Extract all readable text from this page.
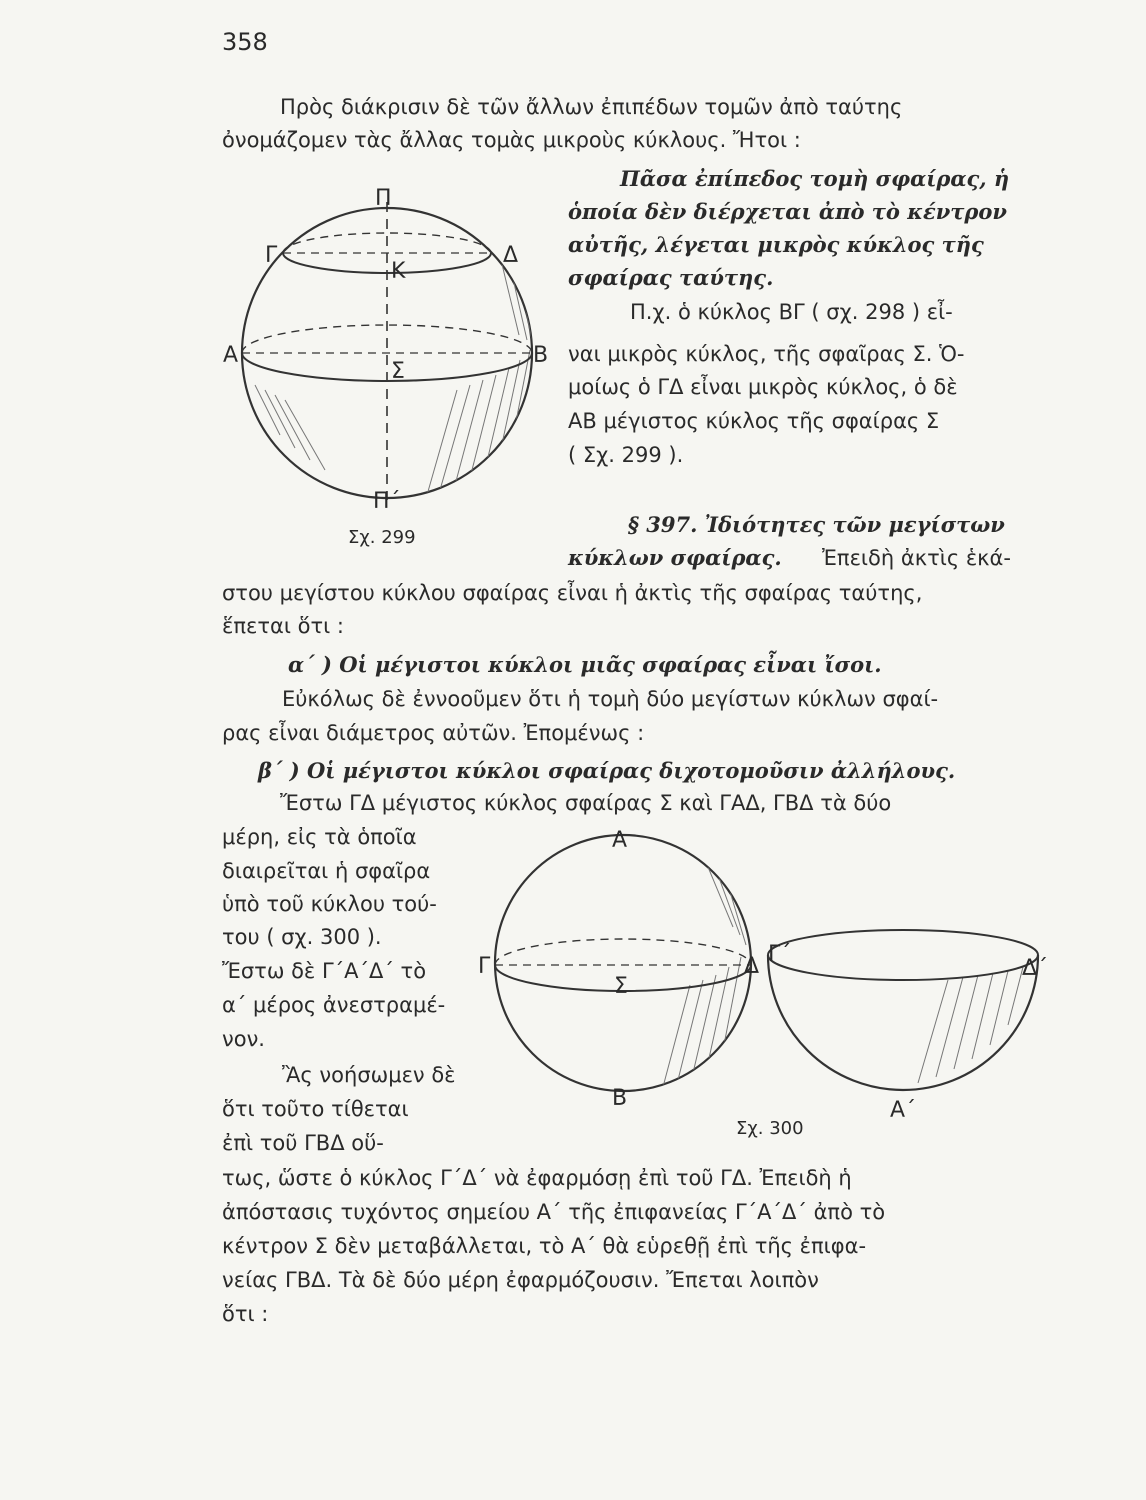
358

Πρὸς διάκρισιν δὲ τῶν ἄλλων ἐπιπέδων τομῶν ἀπὸ ταύτης

ὀνομάζομεν τὰς ἄλλας τομὰς μικροὺς κύκλους. Ἤτοι :

Πᾶσα ἐπίπεδος τομὴ σφαίρας, ἡ

ὁποία δὲν διέρχεται ἀπὸ τὸ κέντρον

αὐτῆς, λέγεται μικρὸς κύκλος τῆς

σφαίρας ταύτης.

Π.χ. ὁ κύκλος ΒΓ ( σχ. 298 ) εἶ-

ναι μικρὸς κύκλος, τῆς σφαῖρας Σ. Ὁ-

μοίως ὁ ΓΔ εἶναι μικρὸς κύκλος, ὁ δὲ

ΑΒ μέγιστος κύκλος τῆς σφαίρας Σ

( Σχ. 299 ).

Π
Π΄
Α	Β
Γ	Δ
Κ
Σ

Σχ. 299

§ 397. Ἰδιότητες τῶν μεγίστων

κύκλων σφαίρας. Ἐπειδὴ ἀκτὶς ἑκά-

στου μεγίστου κύκλου σφαίρας εἶναι ἡ ἀκτὶς τῆς σφαίρας ταύτης,

ἕπεται ὅτι :

α΄ ) Οἱ μέγιστοι κύκλοι μιᾶς σφαίρας εἶναι ἴσοι.

Εὐκόλως δὲ ἐννοοῦμεν ὅτι ἡ τομὴ δύο μεγίστων κύκλων σφαί-

ρας εἶναι διάμετρος αὐτῶν. Ἐπομένως :

β΄ ) Οἱ μέγιστοι κύκλοι σφαίρας διχοτομοῦσιν ἀλλήλους.

Ἔστω ΓΔ μέγιστος κύκλος σφαίρας Σ καὶ ΓΑΔ, ΓΒΔ τὰ δύο

μέρη, εἰς τὰ ὁποῖα

διαιρεῖται ἡ σφαῖρα

ὑπὸ τοῦ κύκλου τού-

του ( σχ. 300 ).

Ἔστω δὲ Γ΄Α΄Δ΄ τὸ

α΄ μέρος ἀνεστραμέ-

νον.

Ἂς νοήσωμεν δὲ

ὅτι τοῦτο τίθεται

ἐπὶ τοῦ ΓΒΔ οὕ-

Α
Β
Γ	Δ
Σ
Γ΄
Δ΄
Α΄

Σχ. 300

τως, ὥστε ὁ κύκλος Γ΄Δ΄ νὰ ἐφαρμόσῃ ἐπὶ τοῦ ΓΔ. Ἐπειδὴ ἡ

ἀπόστασις τυχόντος σημείου Α΄ τῆς ἐπιφανείας Γ΄Α΄Δ΄ ἀπὸ τὸ

κέντρον Σ δὲν μεταβάλλεται, τὸ Α΄ θὰ εὑρεθῇ ἐπὶ τῆς ἐπιφα-

νείας ΓΒΔ. Τὰ δὲ δύο μέρη ἐφαρμόζουσιν. Ἔπεται λοιπὸν

ὅτι :
